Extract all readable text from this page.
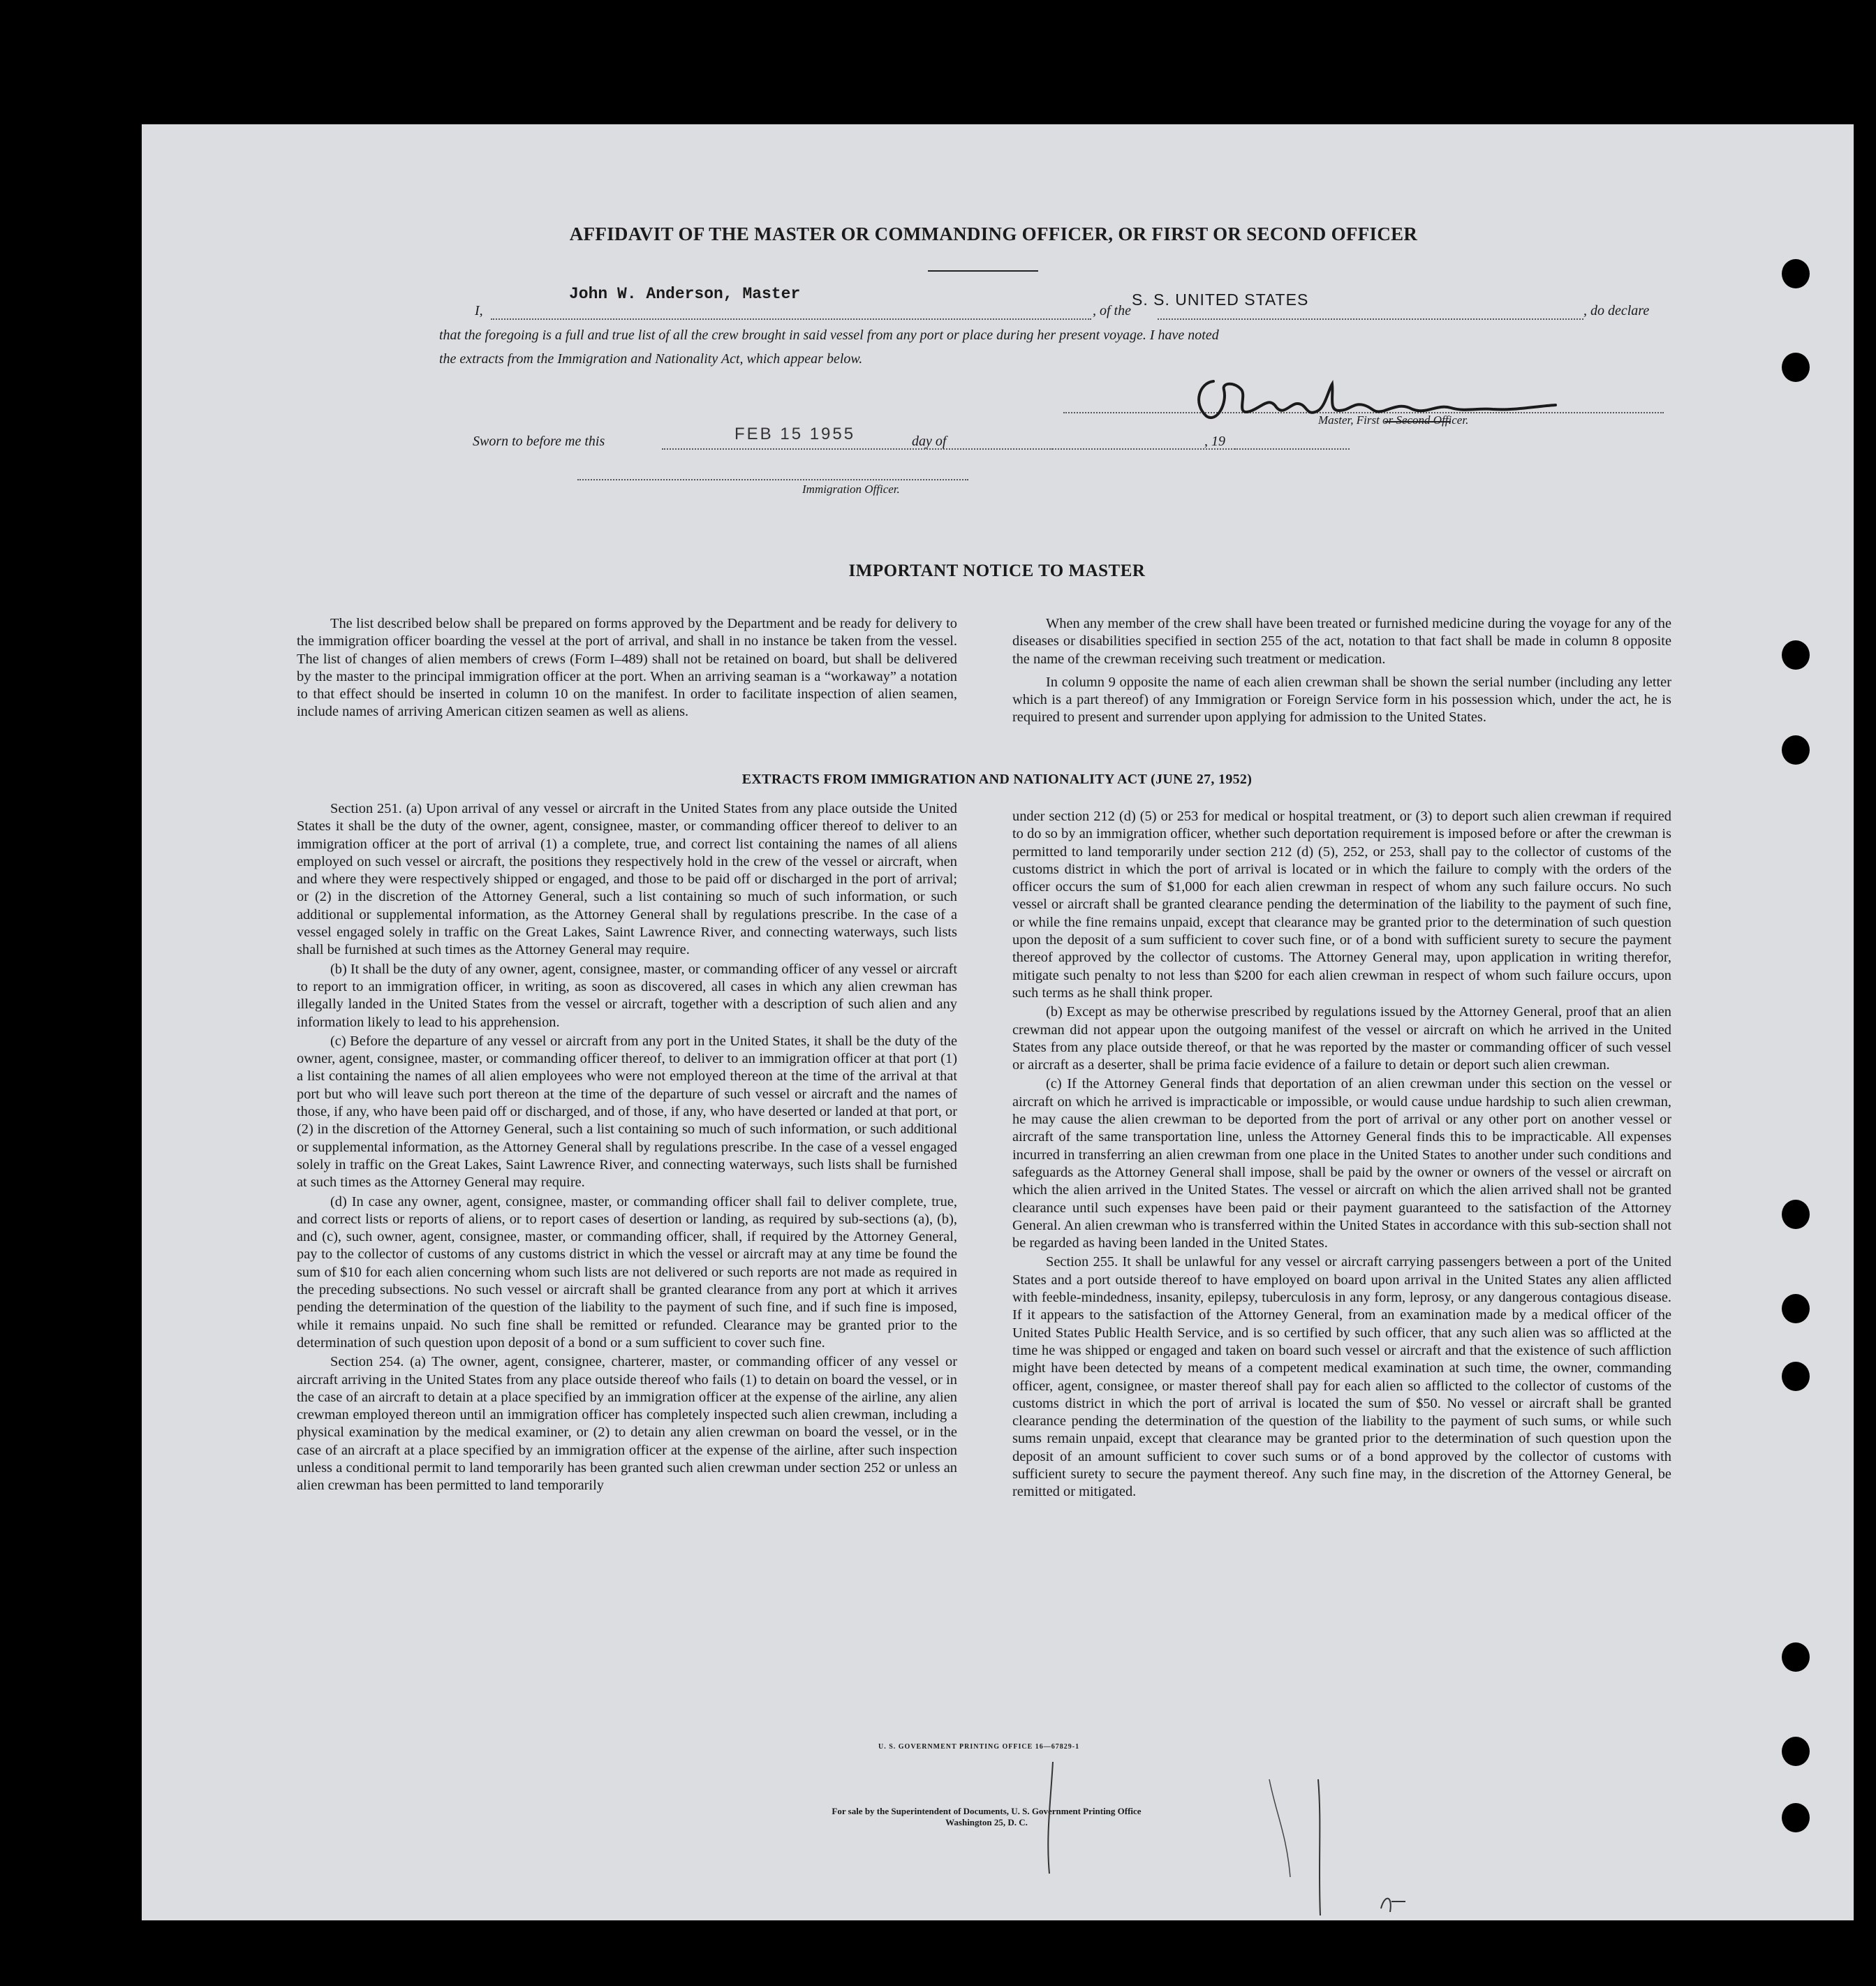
AFFIDAVIT OF THE MASTER OR COMMANDING OFFICER, OR FIRST OR SECOND OFFICER
I,
John W. Anderson, Master
, of the
S. S. UNITED STATES
, do declare
that the foregoing is a full and true list of all the crew brought in said vessel from any port or place during her present voyage. I have noted
the extracts from the Immigration and Nationality Act, which appear below.
Master, First or Second Officer.
Sworn to before me this	FEB 15 1955	day of	, 19
Immigration Officer.
IMPORTANT NOTICE TO MASTER

The list described below shall be prepared on forms approved by the Department and be ready for delivery to the immigration officer boarding the vessel at the port of arrival, and shall in no instance be taken from the vessel. The list of changes of alien members of crews (Form I–489) shall not be retained on board, but shall be delivered by the master to the principal immigration officer at the port. When an arriving seaman is a “workaway” a notation to that effect should be inserted in column 10 on the manifest. In order to facilitate inspection of alien seamen, include names of arriving American citizen seamen as well as aliens.

When any member of the crew shall have been treated or furnished medicine during the voyage for any of the diseases or disabilities specified in section 255 of the act, notation to that fact shall be made in column 8 opposite the name of the crewman receiving such treatment or medication.

In column 9 opposite the name of each alien crewman shall be shown the serial number (including any letter which is a part thereof) of any Immigration or Foreign Service form in his possession which, under the act, he is required to present and surrender upon applying for admission to the United States.

EXTRACTS FROM IMMIGRATION AND NATIONALITY ACT (JUNE 27, 1952)

Section 251. (a) Upon arrival of any vessel or aircraft in the United States from any place outside the United States it shall be the duty of the owner, agent, consignee, master, or commanding officer thereof to deliver to an immigration officer at the port of arrival (1) a complete, true, and correct list containing the names of all aliens employed on such vessel or aircraft, the positions they respectively hold in the crew of the vessel or aircraft, when and where they were respectively shipped or engaged, and those to be paid off or discharged in the port of arrival; or (2) in the discretion of the Attorney General, such a list containing so much of such information, or such additional or supplemental information, as the Attorney General shall by regulations prescribe. In the case of a vessel engaged solely in traffic on the Great Lakes, Saint Lawrence River, and connecting waterways, such lists shall be furnished at such times as the Attorney General may require.

(b) It shall be the duty of any owner, agent, consignee, master, or commanding officer of any vessel or aircraft to report to an immigration officer, in writing, as soon as discovered, all cases in which any alien crewman has illegally landed in the United States from the vessel or aircraft, together with a description of such alien and any information likely to lead to his apprehension.

(c) Before the departure of any vessel or aircraft from any port in the United States, it shall be the duty of the owner, agent, consignee, master, or commanding officer thereof, to deliver to an immigration officer at that port (1) a list containing the names of all alien employees who were not employed thereon at the time of the arrival at that port but who will leave such port thereon at the time of the departure of such vessel or aircraft and the names of those, if any, who have been paid off or discharged, and of those, if any, who have deserted or landed at that port, or (2) in the discretion of the Attorney General, such a list containing so much of such information, or such additional or supplemental information, as the Attorney General shall by regulations prescribe. In the case of a vessel engaged solely in traffic on the Great Lakes, Saint Lawrence River, and connecting waterways, such lists shall be furnished at such times as the Attorney General may require.

(d) In case any owner, agent, consignee, master, or commanding officer shall fail to deliver complete, true, and correct lists or reports of aliens, or to report cases of desertion or landing, as required by sub-sections (a), (b), and (c), such owner, agent, consignee, master, or commanding officer, shall, if required by the Attorney General, pay to the collector of customs of any customs district in which the vessel or aircraft may at any time be found the sum of $10 for each alien concerning whom such lists are not delivered or such reports are not made as required in the preceding subsections. No such vessel or aircraft shall be granted clearance from any port at which it arrives pending the determination of the question of the liability to the payment of such fine, and if such fine is imposed, while it remains unpaid. No such fine shall be remitted or refunded. Clearance may be granted prior to the determination of such question upon deposit of a bond or a sum sufficient to cover such fine.

Section 254. (a) The owner, agent, consignee, charterer, master, or commanding officer of any vessel or aircraft arriving in the United States from any place outside thereof who fails (1) to detain on board the vessel, or in the case of an aircraft to detain at a place specified by an immigration officer at the expense of the airline, any alien crewman employed thereon until an immigration officer has completely inspected such alien crewman, including a physical examination by the medical examiner, or (2) to detain any alien crewman on board the vessel, or in the case of an aircraft at a place specified by an immigration officer at the expense of the airline, after such inspection unless a conditional permit to land temporarily has been granted such alien crewman under section 252 or unless an alien crewman has been permitted to land temporarily

under section 212 (d) (5) or 253 for medical or hospital treatment, or (3) to deport such alien crewman if required to do so by an immigration officer, whether such deportation requirement is imposed before or after the crewman is permitted to land temporarily under section 212 (d) (5), 252, or 253, shall pay to the collector of customs of the customs district in which the port of arrival is located or in which the failure to comply with the orders of the officer occurs the sum of $1,000 for each alien crewman in respect of whom any such failure occurs. No such vessel or aircraft shall be granted clearance pending the determination of the liability to the payment of such fine, or while the fine remains unpaid, except that clearance may be granted prior to the determination of such question upon the deposit of a sum sufficient to cover such fine, or of a bond with sufficient surety to secure the payment thereof approved by the collector of customs. The Attorney General may, upon application in writing therefor, mitigate such penalty to not less than $200 for each alien crewman in respect of whom such failure occurs, upon such terms as he shall think proper.

(b) Except as may be otherwise prescribed by regulations issued by the Attorney General, proof that an alien crewman did not appear upon the outgoing manifest of the vessel or aircraft on which he arrived in the United States from any place outside thereof, or that he was reported by the master or commanding officer of such vessel or aircraft as a deserter, shall be prima facie evidence of a failure to detain or deport such alien crewman.

(c) If the Attorney General finds that deportation of an alien crewman under this section on the vessel or aircraft on which he arrived is impracticable or impossible, or would cause undue hardship to such alien crewman, he may cause the alien crewman to be deported from the port of arrival or any other port on another vessel or aircraft of the same transportation line, unless the Attorney General finds this to be impracticable. All expenses incurred in transferring an alien crewman from one place in the United States to another under such conditions and safeguards as the Attorney General shall impose, shall be paid by the owner or owners of the vessel or aircraft on which the alien arrived in the United States. The vessel or aircraft on which the alien arrived shall not be granted clearance until such expenses have been paid or their payment guaranteed to the satisfaction of the Attorney General. An alien crewman who is transferred within the United States in accordance with this sub-section shall not be regarded as having been landed in the United States.

Section 255. It shall be unlawful for any vessel or aircraft carrying passengers between a port of the United States and a port outside thereof to have employed on board upon arrival in the United States any alien afflicted with feeble-mindedness, insanity, epilepsy, tuberculosis in any form, leprosy, or any dangerous contagious disease. If it appears to the satisfaction of the Attorney General, from an examination made by a medical officer of the United States Public Health Service, and is so certified by such officer, that any such alien was so afflicted at the time he was shipped or engaged and taken on board such vessel or aircraft and that the existence of such affliction might have been detected by means of a competent medical examination at such time, the owner, commanding officer, agent, consignee, or master thereof shall pay for each alien so afflicted to the collector of customs of the customs district in which the port of arrival is located the sum of $50. No vessel or aircraft shall be granted clearance pending the determination of the question of the liability to the payment of such sums, or while such sums remain unpaid, except that clearance may be granted prior to the determination of such question upon the deposit of an amount sufficient to cover such sums or of a bond approved by the collector of customs with sufficient surety to secure the payment thereof. Any such fine may, in the discretion of the Attorney General, be remitted or mitigated.

U. S. GOVERNMENT PRINTING OFFICE 16—67829-1
For sale by the Superintendent of Documents, U. S. Government Printing Office
Washington 25, D. C.
